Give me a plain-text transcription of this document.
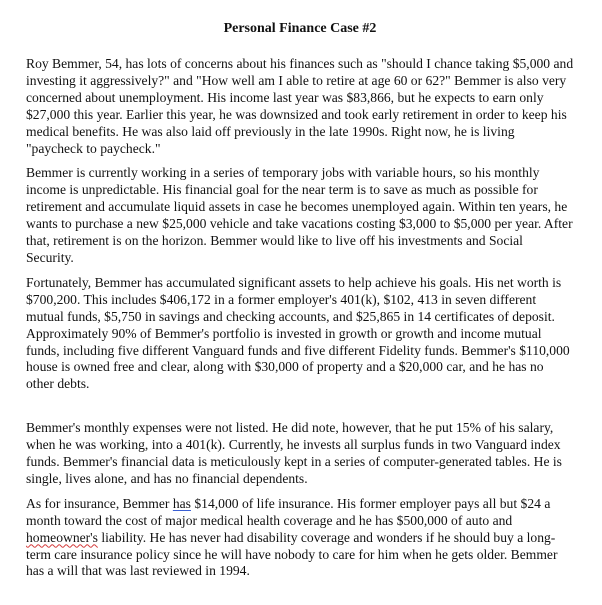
Personal Finance Case #2

Roy Bemmer, 54, has lots of concerns about his finances such as "should I chance taking $5,000 and investing it aggressively?" and "How well am I able to retire at age 60 or 62?" Bemmer is also very concerned about unemployment. His income last year was $83,866, but he expects to earn only $27,000 this year. Earlier this year, he was downsized and took early retirement in order to keep his medical benefits. He was also laid off previously in the late 1990s. Right now, he is living "paycheck to paycheck."

Bemmer is currently working in a series of temporary jobs with variable hours, so his monthly income is unpredictable. His financial goal for the near term is to save as much as possible for retirement and accumulate liquid assets in case he becomes unemployed again. Within ten years, he wants to purchase a new $25,000 vehicle and take vacations costing $3,000 to $5,000 per year. After that, retirement is on the horizon. Bemmer would like to live off his investments and Social Security.

Fortunately, Bemmer has accumulated significant assets to help achieve his goals. His net worth is $700,200. This includes $406,172 in a former employer's 401(k), $102, 413 in seven different mutual funds, $5,750 in savings and checking accounts, and $25,865 in 14 certificates of deposit. Approximately 90% of Bemmer's portfolio is invested in growth or growth and income mutual funds, including five different Vanguard funds and five different Fidelity funds. Bemmer's $110,000 house is owned free and clear, along with $30,000 of property and a $20,000 car, and he has no other debts.

Bemmer's monthly expenses were not listed. He did note, however, that he put 15% of his salary, when he was working, into a 401(k). Currently, he invests all surplus funds in two Vanguard index funds. Bemmer's financial data is meticulously kept in a series of computer-generated tables. He is single, lives alone, and has no financial dependents.

As for insurance, Bemmer has $14,000 of life insurance. His former employer pays all but $24 a month toward the cost of major medical health coverage and he has $500,000 of auto and homeowner's liability. He has never had disability coverage and wonders if he should buy a long-term care insurance policy since he will have nobody to care for him when he gets older. Bemmer has a will that was last reviewed in 1994.
